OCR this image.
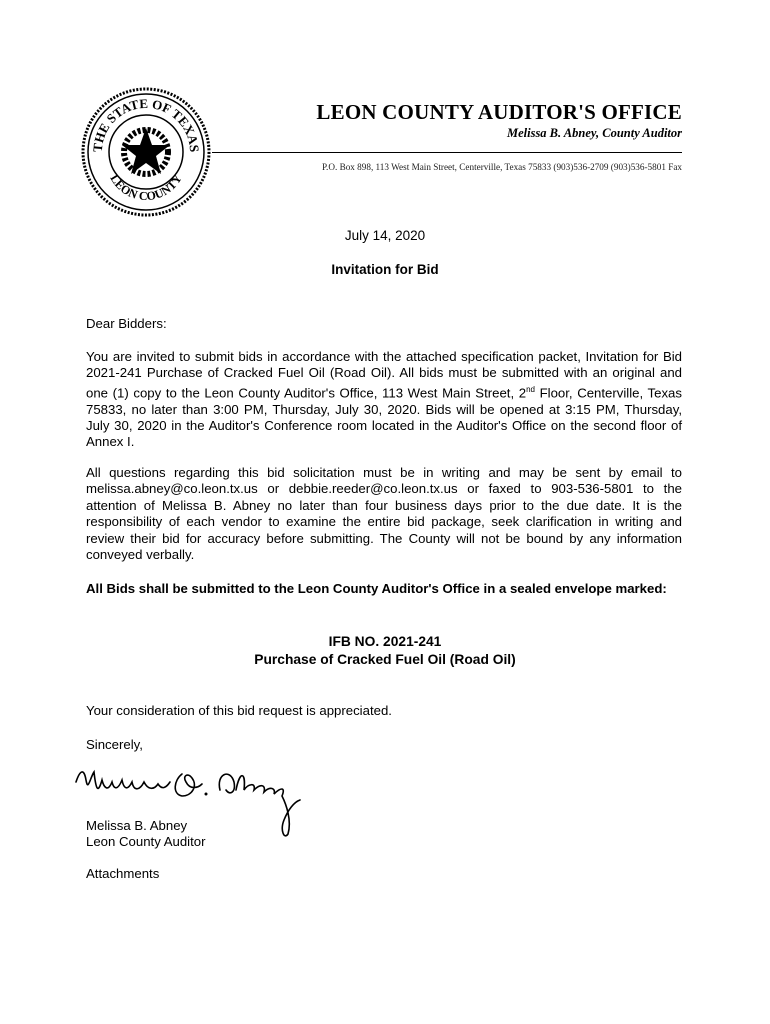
THE STATE OF TEXAS
LEON COUNTY
LEON COUNTY AUDITOR'S OFFICE
Melissa B. Abney, County Auditor
P.O. Box 898, 113 West Main Street, Centerville, Texas 75833 (903)536-2709 (903)536-5801 Fax
July 14, 2020
Invitation for Bid
Dear Bidders:
You are invited to submit bids in accordance with the attached specification packet, Invitation for Bid 2021-241 Purchase of Cracked Fuel Oil (Road Oil). All bids must be submitted with an original and one (1) copy to the Leon County Auditor's Office, 113 West Main Street, 2nd Floor, Centerville, Texas 75833, no later than 3:00 PM, Thursday, July 30, 2020. Bids will be opened at 3:15 PM, Thursday, July 30, 2020 in the Auditor's Conference room located in the Auditor's Office on the second floor of Annex I.
All questions regarding this bid solicitation must be in writing and may be sent by email to melissa.abney@co.leon.tx.us or debbie.reeder@co.leon.tx.us or faxed to 903-536-5801 to the attention of Melissa B. Abney no later than four business days prior to the due date. It is the responsibility of each vendor to examine the entire bid package, seek clarification in writing and review their bid for accuracy before submitting. The County will not be bound by any information conveyed verbally.
All Bids shall be submitted to the Leon County Auditor's Office in a sealed envelope marked:
IFB NO. 2021-241
Purchase of Cracked Fuel Oil (Road Oil)
Your consideration of this bid request is appreciated.
Sincerely,
Melissa B. Abney
Leon County Auditor
Attachments
